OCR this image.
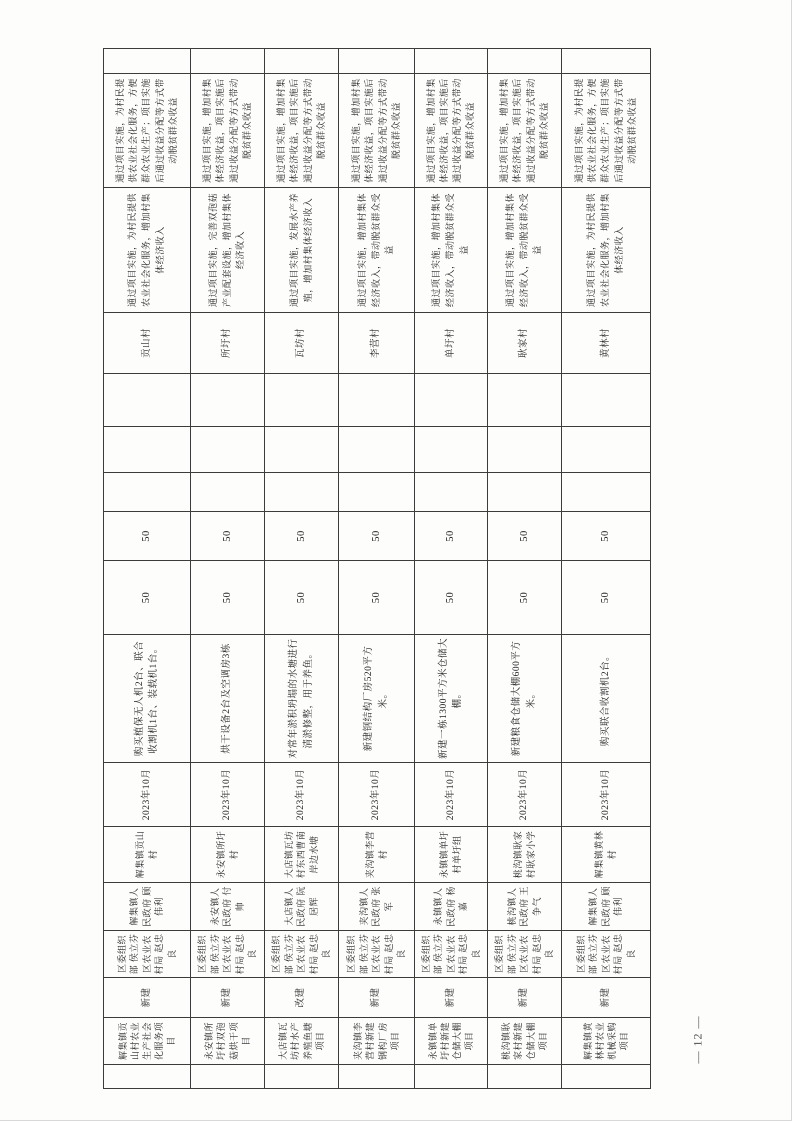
解集镇贡山村农业生产社会化服务项目
新建
区委组织部 侯立芬 区农业农村局 赵忠良
解集镇人民政府 顾伟利
解集镇贡山村
2023年10月
购买植保无人机2台、联合收割机1台、装载机1台。
50
50
贡山村
通过项目实施，为村民提供农业社会化服务，增加村集体经济收入
通过项目实施，为村民提供农业社会化服务，方便群众农业生产；项目实施后通过收益分配等方式带动脱贫群众收益
永安镇所圩村双孢菇烘干项目
新建
区委组织部 侯立芬 区农业农村局 赵忠良
永安镇人民政府 付帅
永安镇所圩村
2023年10月
烘干设备2台及空调房3栋
50
50
所圩村
通过项目实施，完善双孢菇产业配套设施，增加村集体经济收入
通过项目实施，增加村集体经济收益，项目实施后通过收益分配等方式带动脱贫群众收益
大店镇瓦坊村水产养殖鱼塘项目
改建
区委组织部 侯立芬 区农业农村局 赵忠良
大店镇人民政府 阮居辉
大店镇瓦坊村东西曹南岸边水塘
2023年10月
对常年淤积坍塌的水塘进行清淤修整，用于养鱼。
50
50
瓦坊村
通过项目实施，发展水产养殖，增加村集体经济收入
通过项目实施，增加村集体经济收益，项目实施后通过收益分配等方式带动脱贫群众收益
夹沟镇李营村新建钢构厂房项目
新建
区委组织部 侯立芬 区农业农村局 赵忠良
夹沟镇人民政府 张军
夹沟镇李营村
2023年10月
新建钢结构厂房520平方米。
50
50
李营村
通过项目实施，增加村集体经济收入，带动脱贫群众受益
通过项目实施，增加村集体经济收益，项目实施后通过收益分配等方式带动脱贫群众收益
永镇镇单圩村新建仓储大棚项目
新建
区委组织部 侯立芬 区农业农村局 赵忠良
永镇镇人民政府 杨嘉
永镇镇单圩村单圩组
2023年10月
新建一栋1300平方米仓储大棚。
50
50
单圩村
通过项目实施，增加村集体经济收入，带动脱贫群众受益
通过项目实施，增加村集体经济收益，项目实施后通过收益分配等方式带动脱贫群众收益
桃沟镇耿家村新建仓储大棚项目
新建
区委组织部 侯立芬 区农业农村局 赵忠良
桃沟镇人民政府 王争气
桃沟镇耿家村耿家小学
2023年10月
新建粮食仓储大棚600平方米。
50
50
耿家村
通过项目实施，增加村集体经济收入，带动脱贫群众受益
通过项目实施，增加村集体经济收益，项目实施后通过收益分配等方式带动脱贫群众收益
解集镇黄林村农业机械采购项目
新建
区委组织部 侯立芬 区农业农村局 赵忠良
解集镇人民政府 顾伟利
解集镇黄林村
2023年10月
购买联合收割机2台。
50
50
黄林村
通过项目实施，为村民提供农业社会化服务，增加村集体经济收入
通过项目实施，为村民提供农业社会化服务，方便群众农业生产；项目实施后通过收益分配等方式带动脱贫群众收益
— 12 —
